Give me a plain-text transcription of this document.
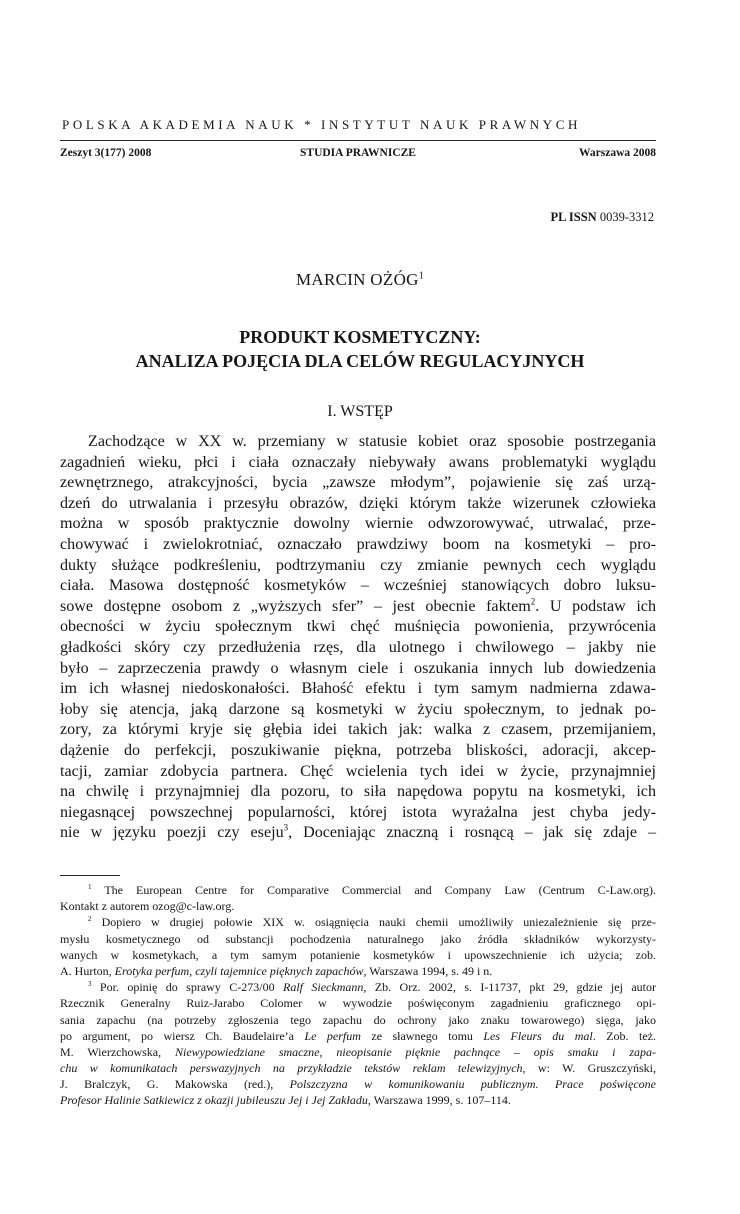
POLSKA AKADEMIA NAUK * INSTYTUT NAUK PRAWNYCH
Zeszyt 3(177) 2008	STUDIA PRAWNICZE	Warszawa 2008
PL ISSN 0039-3312
MARCIN OŻÓG$^1$
PRODUKT KOSMETYCZNY:
ANALIZA POJĘCIA DLA CELÓW REGULACYJNYCH
I. WSTĘP
Zachodzące w XX w. przemiany w statusie kobiet oraz sposobie postrzegania
zagadnień wieku, płci i ciała oznaczały niebywały awans problematyki wyglądu
zewnętrznego, atrakcyjności, bycia „zawsze młodym”, pojawienie się zaś urzą-
dzeń do utrwalania i przesyłu obrazów, dzięki którym także wizerunek człowieka
można w sposób praktycznie dowolny wiernie odwzorowywać, utrwalać, prze-
chowywać i zwielokrotniać, oznaczało prawdziwy boom na kosmetyki – pro-
dukty służące podkreśleniu, podtrzymaniu czy zmianie pewnych cech wyglądu
ciała. Masowa dostępność kosmetyków – wcześniej stanowiących dobro luksu-
sowe dostępne osobom z „wyższych sfer” – jest obecnie faktem$^2$. U podstaw ich
obecności w życiu społecznym tkwi chęć muśnięcia powonienia, przywrócenia
gładkości skóry czy przedłużenia rzęs, dla ulotnego i chwilowego – jakby nie
było – zaprzeczenia prawdy o własnym ciele i oszukania innych lub dowiedzenia
im ich własnej niedoskonałości. Błahość efektu i tym samym nadmierna zdawa-
łoby się atencja, jaką darzone są kosmetyki w życiu społecznym, to jednak po-
zory, za którymi kryje się głębia idei takich jak: walka z czasem, przemijaniem,
dążenie do perfekcji, poszukiwanie piękna, potrzeba bliskości, adoracji, akcep-
tacji, zamiar zdobycia partnera. Chęć wcielenia tych idei w życie, przynajmniej
na chwilę i przynajmniej dla pozoru, to siła napędowa popytu na kosmetyki, ich
niegasnącej powszechnej popularności, której istota wyrażalna jest chyba jedy-
nie w języku poezji czy eseju$^3$, Doceniając znaczną i rosnącą – jak się zdaje –
$^1$ The European Centre for Comparative Commercial and Company Law (Centrum C-Law.org).
Kontakt z autorem ozog@c-law.org.
$^2$ Dopiero w drugiej połowie XIX w. osiągnięcia nauki chemii umożliwiły uniezależnienie się prze-
mysłu kosmetycznego od substancji pochodzenia naturalnego jako źródła składników wykorzysty-
wanych w kosmetykach, a tym samym potanienie kosmetyków i upowszechnienie ich użycia; zob.
A. Hurton, Erotyka perfum, czyli tajemnice pięknych zapachów, Warszawa 1994, s. 49 i n.
$^3$ Por. opinię do sprawy C-273/00 Ralf Sieckmann, Zb. Orz. 2002, s. I-11737, pkt 29, gdzie jej autor
Rzecznik Generalny Ruiz-Jarabo Colomer w wywodzie poświęconym zagadnieniu graficznego opi-
sania zapachu (na potrzeby zgłoszenia tego zapachu do ochrony jako znaku towarowego) sięga, jako
po argument, po wiersz Ch. Baudelaire’a Le perfum ze sławnego tomu Les Fleurs du mal. Zob. też.
M. Wierzchowska, Niewypowiedziane smaczne, nieopisanie pięknie pachnące – opis smaku i zapa-
chu w komunikatach perswazyjnych na przykładzie tekstów reklam telewizyjnych, w: W. Gruszczyński,
J. Bralczyk, G. Makowska (red.), Polszczyzna w komunikowaniu publicznym. Prace poświęcone
Profesor Halinie Satkiewicz z okazji jubileuszu Jej i Jej Zakładu, Warszawa 1999, s. 107–114.
